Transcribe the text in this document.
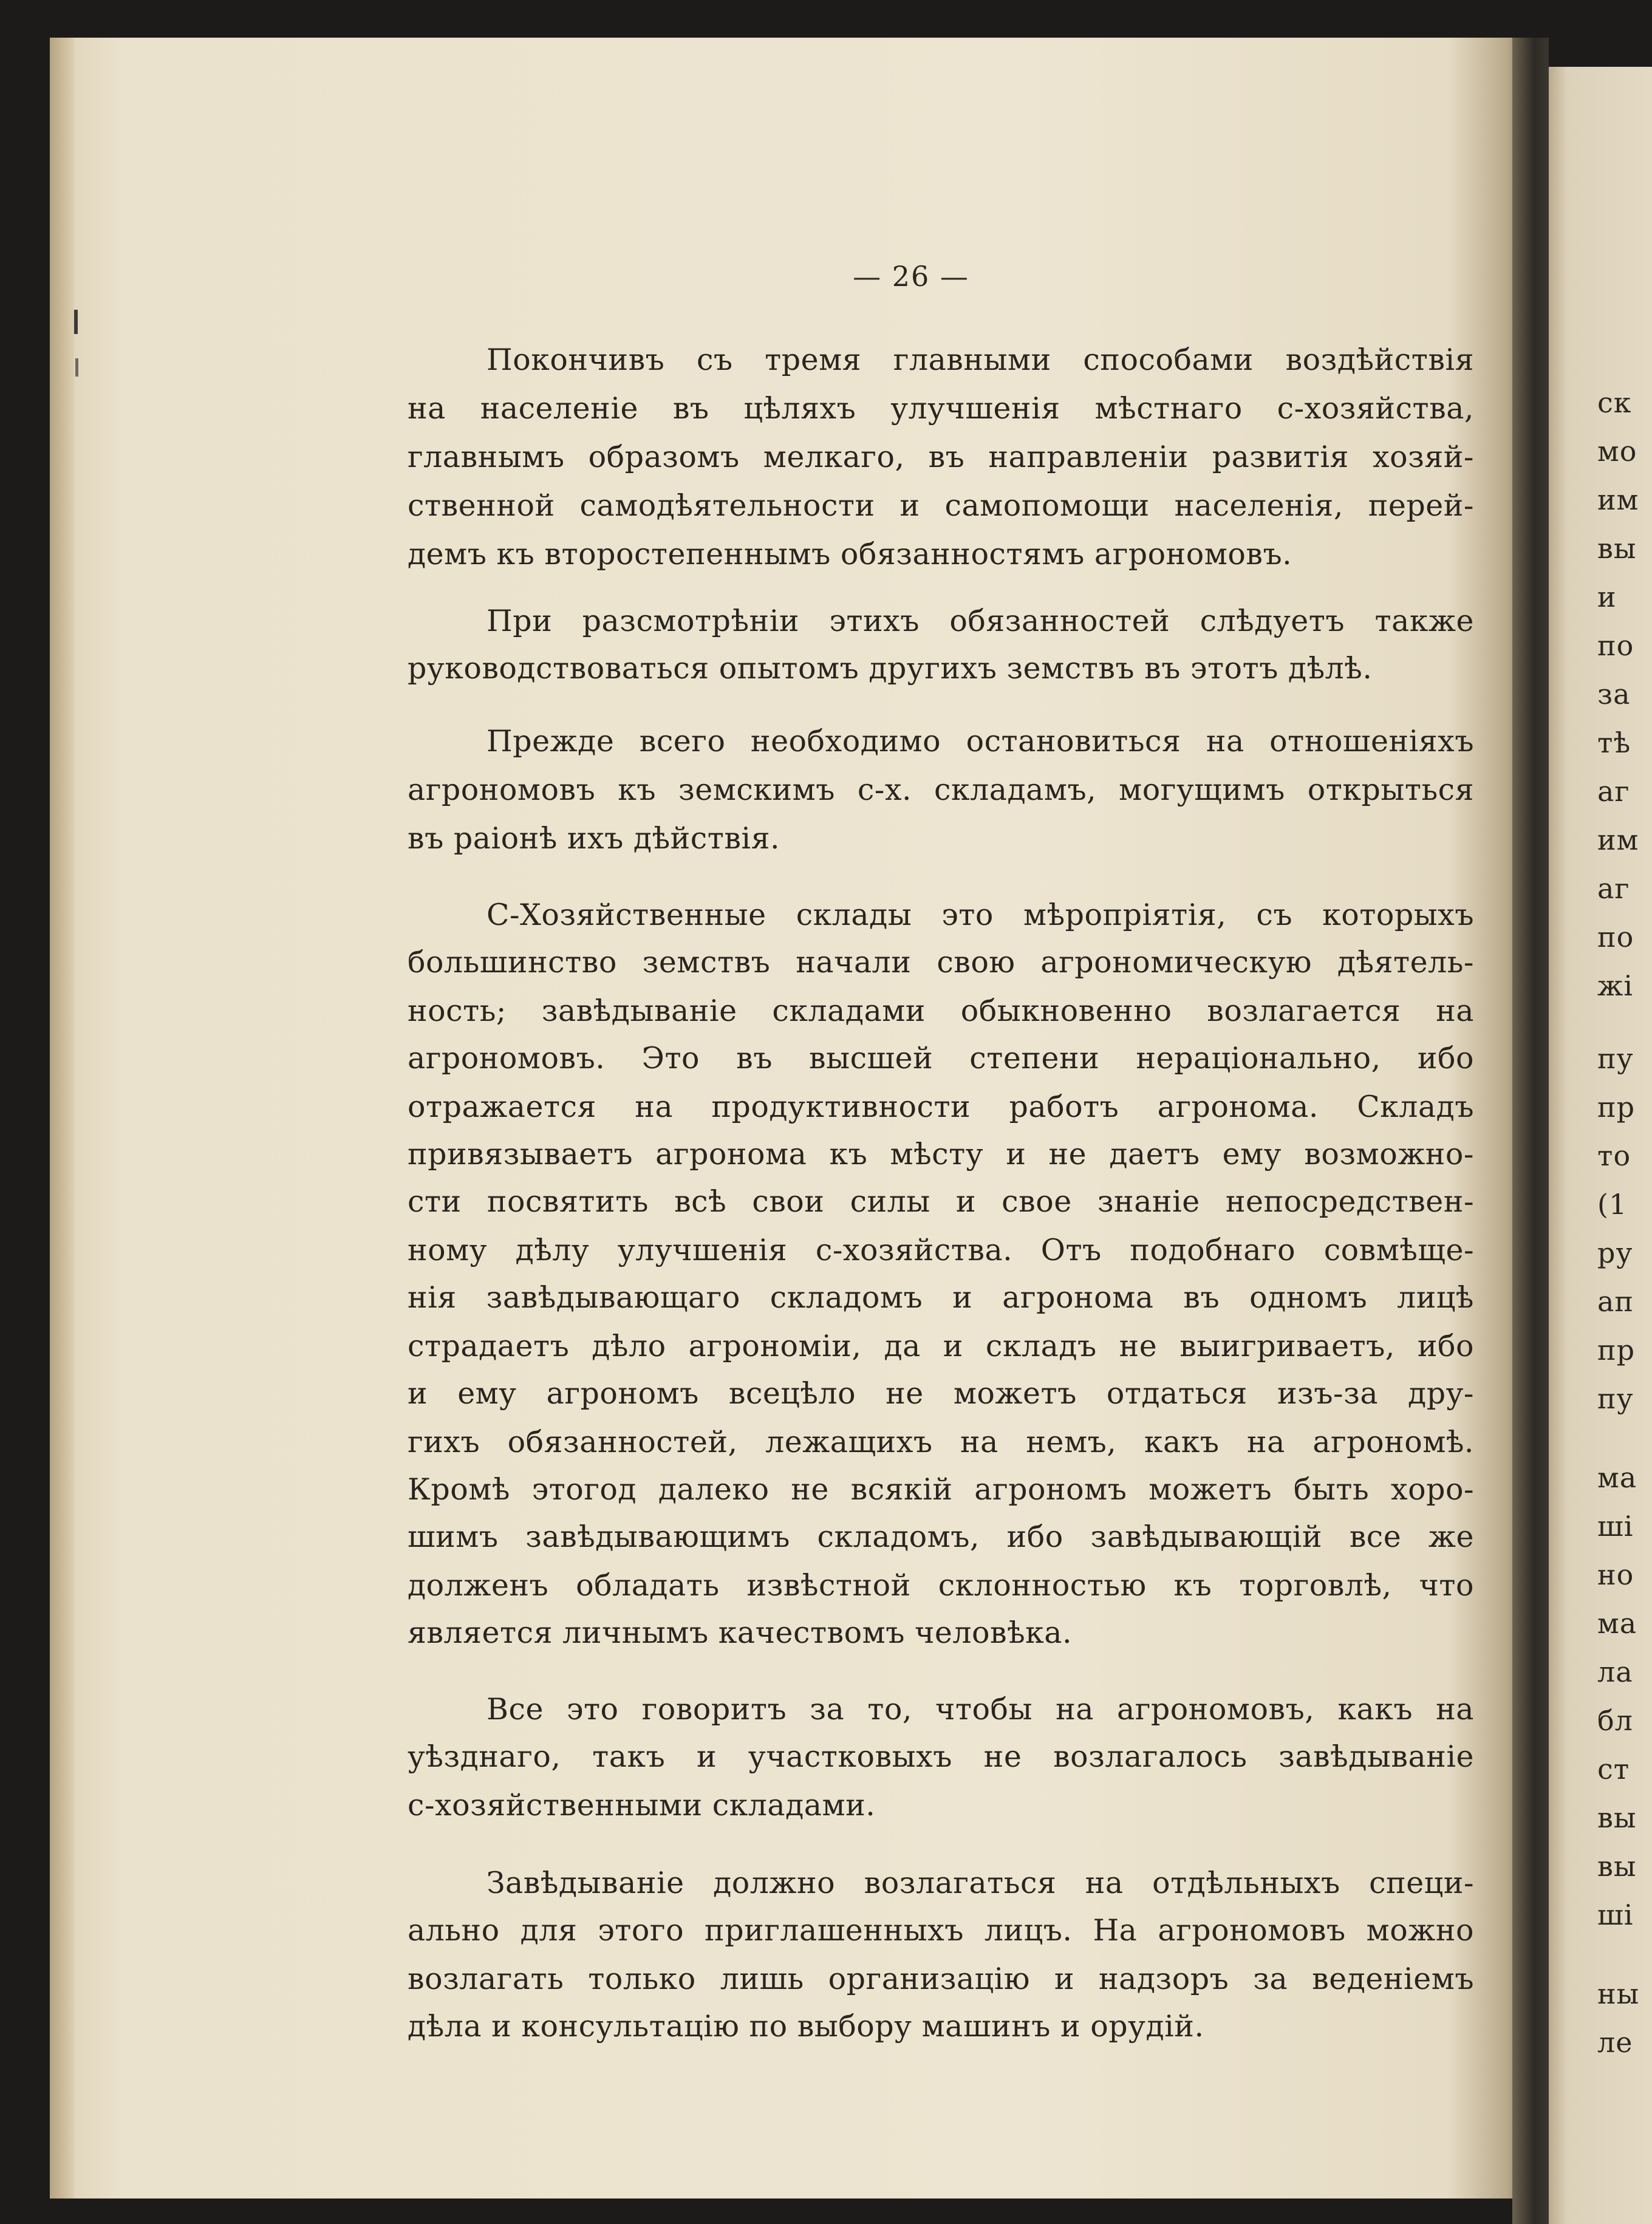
— 26 —
Покончивъ съ тремя главными способами воздѣйствія
на населеніе въ цѣляхъ улучшенія мѣстнаго с-хозяйства,
главнымъ образомъ мелкаго, въ направленіи развитія хозяй-
ственной самодѣятельности и самопомощи населенія, перей-
демъ къ второстепеннымъ обязанностямъ агрономовъ.
При разсмотрѣніи этихъ обязанностей слѣдуетъ также
руководствоваться опытомъ другихъ земствъ въ этотъ дѣлѣ.
Прежде всего необходимо остановиться на отношеніяхъ
агрономовъ къ земскимъ с-х. складамъ, могущимъ открыться
въ раіонѣ ихъ дѣйствія.
С-Хозяйственные склады это мѣропріятія, съ которыхъ
большинство земствъ начали свою агрономическую дѣятель-
ность; завѣдываніе складами обыкновенно возлагается на
агрономовъ. Это въ высшей степени нераціонально, ибо
отражается на продуктивности работъ агронома. Складъ
привязываетъ агронома къ мѣсту и не даетъ ему возможно-
сти посвятить всѣ свои силы и свое знаніе непосредствен-
ному дѣлу улучшенія с-хозяйства. Отъ подобнаго совмѣще-
нія завѣдывающаго складомъ и агронома въ одномъ лицѣ
страдаетъ дѣло агрономіи, да и складъ не выигриваетъ, ибо
и ему агрономъ всецѣло не можетъ отдаться изъ-за дру-
гихъ обязанностей, лежащихъ на немъ, какъ на агрономѣ.
Кромѣ этогод далеко не всякій агрономъ можетъ быть хоро-
шимъ завѣдывающимъ складомъ, ибо завѣдывающій все же
долженъ обладать извѣстной склонностью къ торговлѣ, что
является личнымъ качествомъ человѣка.
Все это говоритъ за то, чтобы на агрономовъ, какъ на
уѣзднаго, такъ и участковыхъ не возлагалось завѣдываніе
с-хозяйственными складами.
Завѣдываніе должно возлагаться на отдѣльныхъ специ-
ально для этого приглашенныхъ лицъ. На агрономовъ можно
возлагать только лишь организацію и надзоръ за веденіемъ
дѣла и консультацію по выбору машинъ и орудій.
ск
мо
им
вы
и
по
за
тѣ
аг
им
аг
по
жі
пу
пр
то
(1
ру
ап
пр
пу
ма
ші
но
ма
ла
бл
ст
вы
вы
ші
ны
ле
